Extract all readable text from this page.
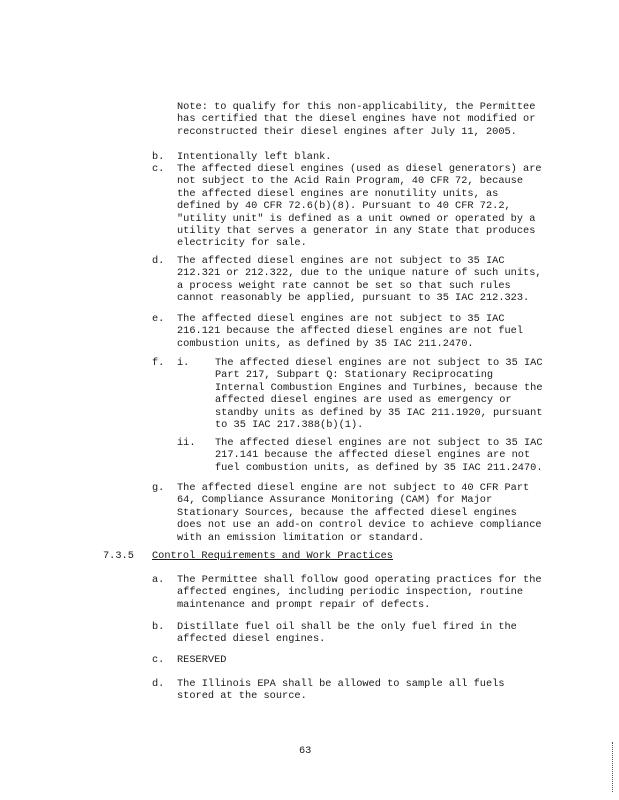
Note: to qualify for this non-applicability, the Permittee
has certified that the diesel engines have not modified or
reconstructed their diesel engines after July 11, 2005.
b. Intentionally left blank.
c. The affected diesel engines (used as diesel generators) are
not subject to the Acid Rain Program, 40 CFR 72, because
the affected diesel engines are nonutility units, as
defined by 40 CFR 72.6(b)(8). Pursuant to 40 CFR 72.2,
"utility unit" is defined as a unit owned or operated by a
utility that serves a generator in any State that produces
electricity for sale.
d. The affected diesel engines are not subject to 35 IAC
212.321 or 212.322, due to the unique nature of such units,
a process weight rate cannot be set so that such rules
cannot reasonably be applied, pursuant to 35 IAC 212.323.
e. The affected diesel engines are not subject to 35 IAC
216.121 because the affected diesel engines are not fuel
combustion units, as defined by 35 IAC 211.2470.
f. i. The affected diesel engines are not subject to 35 IAC
Part 217, Subpart Q: Stationary Reciprocating
Internal Combustion Engines and Turbines, because the
affected diesel engines are used as emergency or
standby units as defined by 35 IAC 211.1920, pursuant
to 35 IAC 217.388(b)(1).
ii. The affected diesel engines are not subject to 35 IAC
217.141 because the affected diesel engines are not
fuel combustion units, as defined by 35 IAC 211.2470.
g. The affected diesel engine are not subject to 40 CFR Part
64, Compliance Assurance Monitoring (CAM) for Major
Stationary Sources, because the affected diesel engines
does not use an add-on control device to achieve compliance
with an emission limitation or standard.
7.3.5 Control Requirements and Work Practices
a. The Permittee shall follow good operating practices for the
affected engines, including periodic inspection, routine
maintenance and prompt repair of defects.
b. Distillate fuel oil shall be the only fuel fired in the
affected diesel engines.
c. RESERVED
d. The Illinois EPA shall be allowed to sample all fuels
stored at the source.
63
